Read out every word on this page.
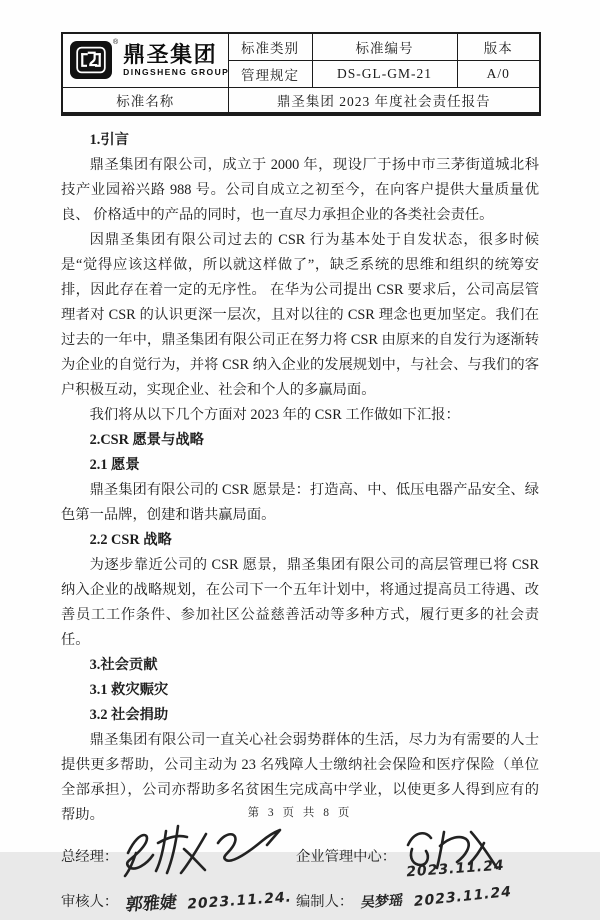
® 鼎圣集团
DINGSHENG GROUP	标准类别	标准编号	版本
	管理规定	DS-GL-GM-21	A/0
标准名称	鼎圣集团 2023 年度社会责任报告		

1.引言

鼎圣集团有限公司，成立于 2000 年，现设厂于扬中市三茅街道城北科技产业园裕兴路 988 号。公司自成立之初至今，在向客户提供大量质量优良、 价格适中的产品的同时，也一直尽力承担企业的各类社会责任。

因鼎圣集团有限公司过去的 CSR 行为基本处于自发状态，很多时候是“觉得应该这样做，所以就这样做了”，缺乏系统的思维和组织的统筹安排，因此存在着一定的无序性。 在华为公司提出 CSR 要求后，公司高层管理者对 CSR 的认识更深一层次，且对以往的 CSR 理念也更加坚定。我们在过去的一年中，鼎圣集团有限公司正在努力将 CSR 由原来的自发行为逐渐转为企业的自觉行为，并将 CSR 纳入企业的发展规划中，与社会、与我们的客户积极互动，实现企业、社会和个人的多赢局面。

我们将从以下几个方面对 2023 年的 CSR 工作做如下汇报：

2.CSR 愿景与战略

2.1 愿景

鼎圣集团有限公司的 CSR 愿景是：打造高、中、低压电器产品安全、绿色第一品牌，创建和谐共赢局面。

2.2 CSR 战略

为逐步靠近公司的 CSR 愿景，鼎圣集团有限公司的高层管理已将 CSR 纳入企业的战略规划，在公司下一个五年计划中，将通过提高员工待遇、改善员工工作条件、参加社区公益慈善活动等多种方式，履行更多的社会责任。

3.社会贡献

3.1 救灾赈灾

3.2 社会捐助

鼎圣集团有限公司一直关心社会弱势群体的生活，尽力为有需要的人士提供更多帮助，公司主动为 23 名残障人士缴纳社会保险和医疗保险（单位全部承担），公司亦帮助多名贫困生完成高中学业，以使更多人得到应有的帮助。

总经理：	企业管理中心：
2023.11.24
审核人： 郭雅婕 2023.11.24. 编制人： 吴梦瑶 2023.11.24
第 3 页 共 8 页
